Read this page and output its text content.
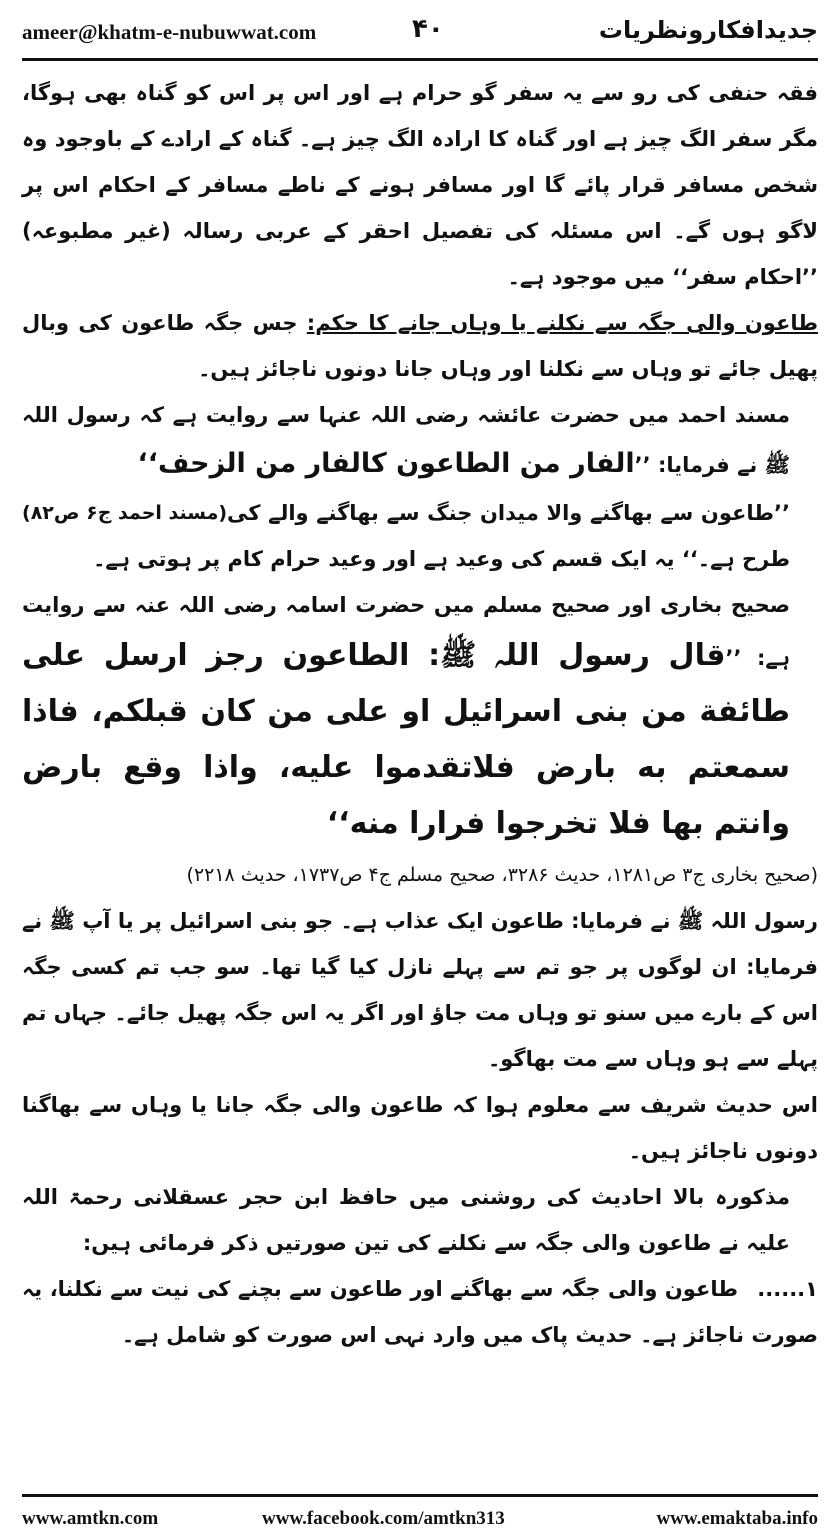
ameer@khatm-e-nubuwwat.com	۴۰	جدیدافکارونظریات

فقہ حنفی کی رو سے یہ سفر گو حرام ہے اور اس پر اس کو گناہ بھی ہوگا، مگر سفر الگ چیز ہے اور گناہ کا ارادہ الگ چیز ہے۔ گناہ کے ارادے کے باوجود وہ شخص مسافر قرار پائے گا اور مسافر ہونے کے ناطے مسافر کے احکام اس پر لاگو ہوں گے۔ اس مسئلہ کی تفصیل احقر کے عربی رسالہ (غیر مطبوعہ) ’’احکام سفر‘‘ میں موجود ہے۔

طاعون والی جگہ سے نکلنے یا وہاں جانے کا حکم: جس جگہ طاعون کی وبال پھیل جائے تو وہاں سے نکلنا اور وہاں جانا دونوں ناجائز ہیں۔

مسند احمد میں حضرت عائشہ رضی اللہ عنہا سے روایت ہے کہ رسول اللہ ﷺ نے فرمایا: ’’الفار من الطاعون کالفار من الزحف‘‘
(مسند احمد ج۶ ص۸۲) ’’طاعون سے بھاگنے والا میدان جنگ سے بھاگنے والے کی طرح ہے۔‘‘ یہ ایک قسم کی وعید ہے اور وعید حرام کام پر ہوتی ہے۔

صحیح بخاری اور صحیح مسلم میں حضرت اسامہ رضی اللہ عنہ سے روایت ہے: ’’قال رسول اللہ ﷺ: الطاعون رجز ارسل علی طائفة من بنی اسرائیل او علی من کان قبلکم، فاذا سمعتم به بارض فلاتقدموا علیه، واذا وقع بارض وانتم بها فلا تخرجوا فرارا منه‘‘

(صحیح بخاری ج۳ ص۱۲۸۱، حدیث ۳۲۸۶، صحیح مسلم ج۴ ص۱۷۳۷، حدیث ۲۲۱۸)

رسول اللہ ﷺ نے فرمایا: طاعون ایک عذاب ہے۔ جو بنی اسرائیل پر یا آپ ﷺ نے فرمایا: ان لوگوں پر جو تم سے پہلے نازل کیا گیا تھا۔ سو جب تم کسی جگہ اس کے بارے میں سنو تو وہاں مت جاؤ اور اگر یہ اس جگہ پھیل جائے۔ جہاں تم پہلے سے ہو وہاں سے مت بھاگو۔

اس حدیث شریف سے معلوم ہوا کہ طاعون والی جگہ جانا یا وہاں سے بھاگنا دونوں ناجائز ہیں۔

مذکورہ بالا احادیث کی روشنی میں حافظ ابن حجر عسقلانی رحمۃ اللہ علیہ نے طاعون والی جگہ سے نکلنے کی تین صورتیں ذکر فرمائی ہیں:

۱......طاعون والی جگہ سے بھاگنے اور طاعون سے بچنے کی نیت سے نکلنا، یہ صورت ناجائز ہے۔ حدیث پاک میں وارد نہی اس صورت کو شامل ہے۔

www.amtkn.com	www.facebook.com/amtkn313	www.emaktaba.info
